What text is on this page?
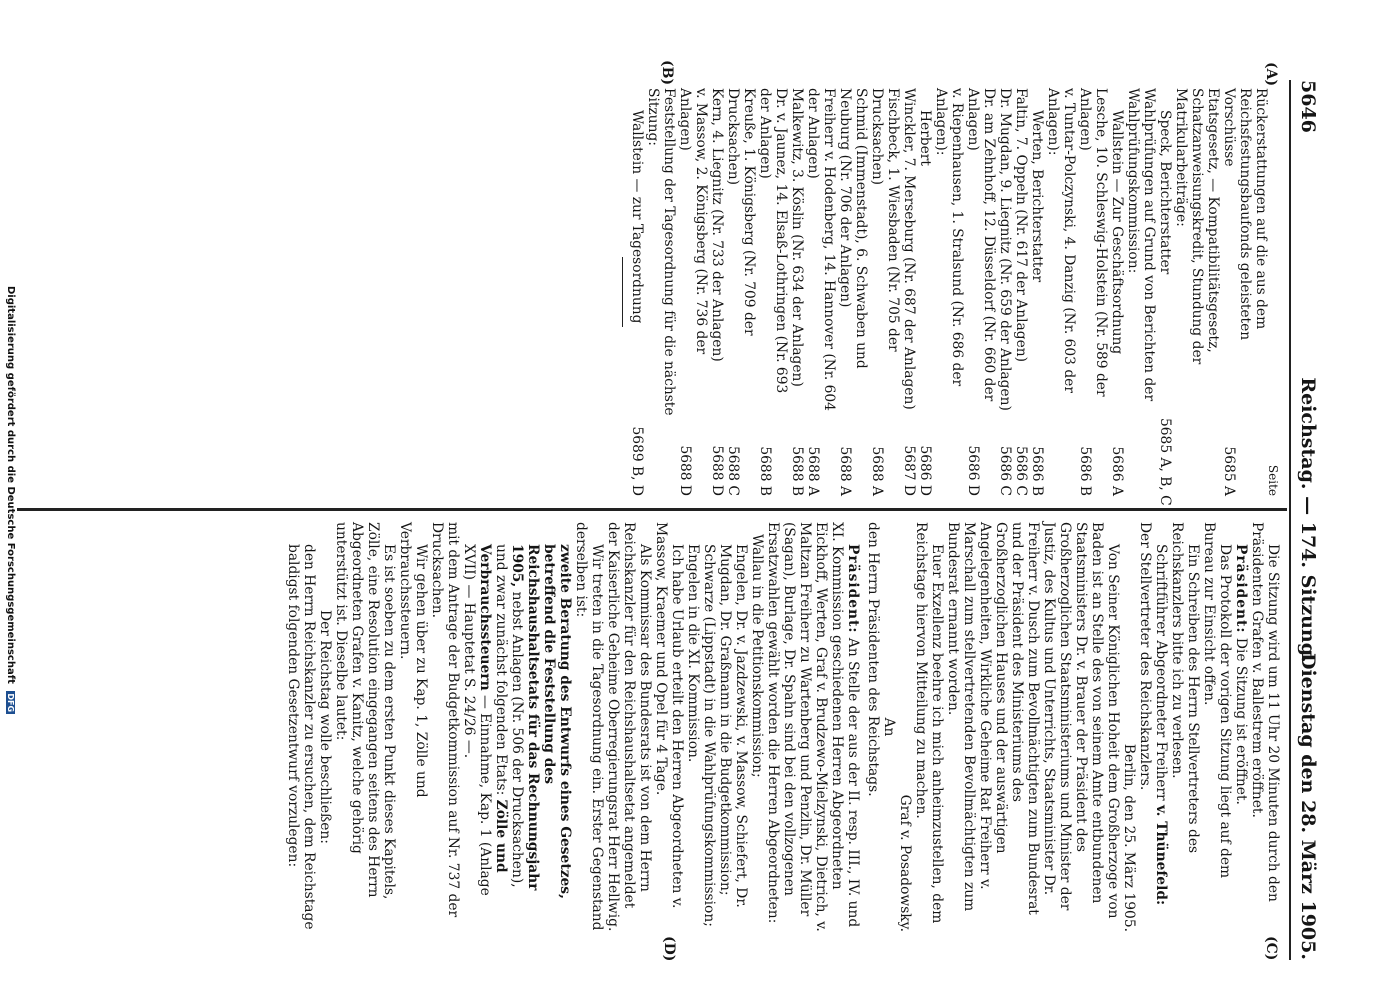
5646
Reichstag. — 174. Sitzung.
Dienstag den 28. März 1905.
(A)
(B)
(C)
(D)
Seite
Rückerstattungen auf die aus dem Reichsfestungsbaufonds geleisteten Vorschüsse
5685 A
Etatsgesetz, — Kompatibilitätsgesetz, Schatzanweisungskredit, Stundung der Matrikularbeiträge:
Speck, Berichterstatter
5685 A, B, C
Wahlprüfungen auf Grund von Berichten der Wahlprüfungskommission:
Wallstein — Zur Geschäftsordnung
5686 A
Lesche, 10. Schleswig-Holstein (Nr. 589 der Anlagen)
5686 B
v. Tuntar-Polczynski, 4. Danzig (Nr. 603 der Anlagen):
Werten, Berichterstatter
5686 B
Faltin, 7. Oppeln (Nr. 617 der Anlagen)
5686 C
Dr. Mugdan, 9. Liegnitz (Nr. 659 der Anlagen)
5686 C
Dr. am Zehnhoff, 12. Düsseldorf (Nr. 660 der Anlagen)
5686 D
v. Riepenhausen, 1. Stralsund (Nr. 686 der Anlagen):
Herbert
5686 D
Winckler, 7. Merseburg (Nr. 687 der Anlagen)
5687 D
Fischbeck, 1. Wiesbaden (Nr. 705 der Drucksachen)
5688 A
Schmid (Immenstadt), 6. Schwaben und Neuburg (Nr. 706 der Anlagen)
5688 A
Freiherr v. Hodenberg, 14. Hannover (Nr. 604 der Anlagen)
5688 A
Malkewitz, 3. Köslin (Nr. 634 der Anlagen)
5688 B
Dr. v. Jaunez, 14. Elsaß-Lothringen (Nr. 693 der Anlagen)
5688 B
Kreuße, 1. Königsberg (Nr. 709 der Drucksachen)
5688 C
Kern, 4. Liegnitz (Nr. 733 der Anlagen)
5688 D
v. Massow, 2. Königsberg (Nr. 736 der Anlagen)
5688 D
Feststellung der Tagesordnung für die nächste Sitzung:
Wallstein — zur Tagesordnung
5689 B, D

Die Sitzung wird um 11 Uhr 20 Minuten durch den Präsidenten Grafen v. Ballestrem eröffnet.

Präsident: Die Sitzung ist eröffnet.

Das Protokoll der vorigen Sitzung liegt auf dem Bureau zur Einsicht offen.

Ein Schreiben des Herrn Stellvertreters des Reichskanzlers bitte ich zu verlesen.

Schriftführer Abgeordneter Freiherr v. Thünefeld:

Der Stellvertreter des Reichskanzlers.

Berlin, den 25. März 1905.

Von Seiner Königlichen Hoheit dem Großherzoge von Baden ist an Stelle des von seinem Amte entbundenen Staatsministers Dr. v. Brauer der Präsident des Großherzoglichen Staatsministeriums und Minister der Justiz, des Kultus und Unterrichts, Staatsminister Dr. Freiherr v. Dusch zum Bevollmächtigten zum Bundesrat und der Präsident des Ministeriums des Großherzoglichen Hauses und der auswärtigen Angelegenheiten, Wirkliche Geheime Rat Freiherr v. Marschall zum stellvertretenden Bevollmächtigten zum Bundesrat ernannt worden.

Euer Exzellenz beehre ich mich anheimzustellen, dem Reichstage hiervon Mitteilung zu machen.

Graf v. Posadowsky.

An

den Herrn Präsidenten des Reichstags.

Präsident: An Stelle der aus der II. resp. III., IV. und XI. Kommission geschiedenen Herren Abgeordneten Eickhoff, Werten, Graf v. Brudzewo-Mielzynski, Dietrich, v. Maltzan Freiherr zu Wartenberg und Penzlin, Dr. Müller (Sagan), Burlage, Dr. Spahn sind bei den vollzogenen Ersatzwahlen gewählt worden die Herren Abgeordneten:

Wallau in die Petitionskommission;

Engelen, Dr. v. Jazdzewski, v. Massow, Schiefert, Dr. Mugdan, Dr. Graßmann in die Budgetkommission;

Schwarze (Lippstadt) in die Wahlprüfungskommission;

Engelen in die XI. Kommission.

Ich habe Urlaub erteilt den Herren Abgeordneten v. Massow, Kraemer und Opel für 4 Tage.

Als Kommissar des Bundesrats ist von dem Herrn Reichskanzler für den Reichshaushaltsetat angemeldet der Kaiserliche Geheime Oberregierungsrat Herr Hellwig.

Wir treten in die Tagesordnung ein. Erster Gegenstand derselben ist:

zweite Beratung des Entwurfs eines Gesetzes, betreffend die Feststellung des Reichshaushaltsetats für das Rechnungsjahr 1905, nebst Anlagen (Nr. 506 der Drucksachen),

und zwar zunächst folgenden Etats: Zölle und Verbrauchssteuern — Einnahme, Kap. 1 (Anlage XVII) — Hauptetat S. 24/26 —.

mit dem Antrage der Budgetkommission auf Nr. 737 der Drucksachen.

Wir gehen über zu Kap. 1, Zölle und Verbrauchssteuern.

Es ist soeben zu dem ersten Punkt dieses Kapitels, Zölle, eine Resolution eingegangen seitens des Herrn Abgeordneten Grafen v. Kanitz, welche gehörig unterstützt ist. Dieselbe lautet:

Der Reichstag wolle beschließen:

den Herrn Reichskanzler zu ersuchen, dem Reichstage baldigst folgenden Gesetzentwurf vorzulegen:

Digitalisierung gefördert durch die Deutsche Forschungsgemeinschaft DFG
